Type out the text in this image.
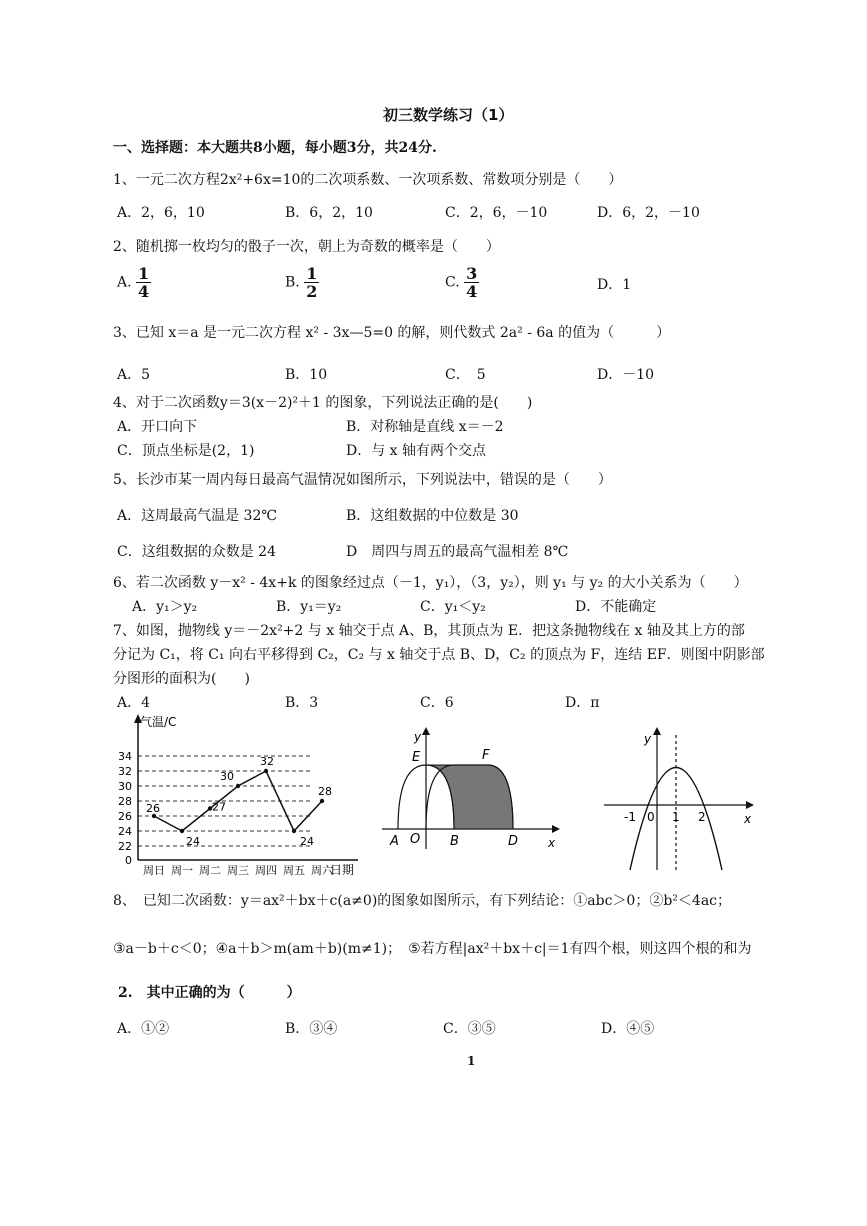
初三数学练习（1）
一、选择题：本大题共8小题，每小题3分，共24分.
1、一元二次方程2x²+6x=10的二次项系数、一次项系数、常数项分别是（　　）
A．2，6，10	B．6，2，10	C．2，6，－10	D．6，2，－10
2、随机掷一枚均匀的骰子一次，朝上为奇数的概率是（　　）
A. $\frac{1}{4}$	B. $\frac{1}{2}$	C. $\frac{3}{4}$	D．1
3、已知 x＝a 是一元二次方程 x² - 3x—5=0 的解，则代数式 2a² - 6a 的值为（　　　）
A．5	B．10	C．　5	D．－10
4、对于二次函数y＝3(x－2)²＋1 的图象，下列说法正确的是(　　)
A．开口向下	B．对称轴是直线 x＝－2
C．顶点坐标是(2，1)	D．与 x 轴有两个交点
5、长沙市某一周内每日最高气温情况如图所示，下列说法中，错误的是（　　）
A．这周最高气温是 32℃	B．这组数据的中位数是 30
C．这组数据的众数是 24	D　周四与周五的最高气温相差 8℃
6、若二次函数 y－x² - 4x+k 的图象经过点（－1，y₁），（3，y₂），则 y₁ 与 y₂ 的大小关系为（　　）
A．y₁＞y₂	B．y₁＝y₂	C．y₁＜y₂	D．不能确定
7、如图，抛物线 y＝－2x²+2 与 x 轴交于点 A、B，其顶点为 E．把这条抛物线在 x 轴及其上方的部
分记为 C₁，将 C₁ 向右平移得到 C₂，C₂ 与 x 轴交于点 B、D，C₂ 的顶点为 F，连结 EF．则图中阴影部
分图形的面积为(　　)
A．4	B．3	C．6	D．π
气温/C
34
32
30
28
26
24
22
0
周日 周一 周二 周三 周四 周五 周六
日期
26
24
27
30
32
24
28
y
x
E	F
A O B	D
y
x
-1 0 1 2
8、　已知二次函数：y＝ax²＋bx＋c(a≠0)的图象如图所示，有下列结论：①abc＞0；②b²＜4ac；
③a－b＋c＜0；④a＋b＞m(am＋b)(m≠1)；　⑤若方程|ax²＋bx＋c|＝1有四个根，则这四个根的和为
2.　其中正确的为（　　　）
A．①②	B．③④	C．③⑤	D．④⑤
1
